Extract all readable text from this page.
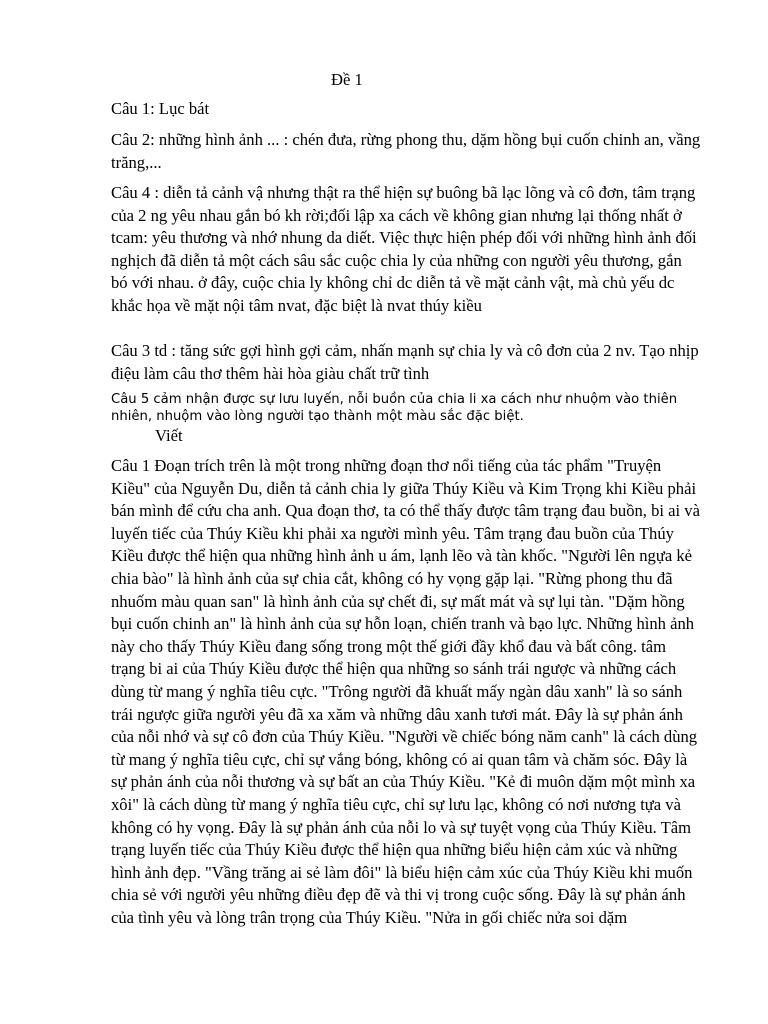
Đề 1

Câu 1: Lục bát

Câu 2: những hình ảnh ... : chén đưa, rừng phong thu, dặm hồng bụi cuốn chinh an, vầng trăng,...

Câu 4 : diễn tả cảnh vậ nhưng thật ra thể hiện sự buông bã lạc lõng và cô đơn, tâm trạng của 2 ng yêu nhau gắn bó kh rời;đối lập xa cách về không gian nhưng lại thống nhất ở tcam: yêu thương và nhớ nhung da diết. Việc thực hiện phép đối với những hình ảnh đối nghịch đã diễn tả một cách sâu sắc cuộc chia ly của những con người yêu thương, gắn bó với nhau. ở đây, cuộc chia ly không chỉ dc diễn tả về mặt cảnh vật, mà chủ yếu dc khắc họa về mặt nội tâm nvat, đặc biệt là nvat thúy kiều

Câu 3 td : tăng sức gợi hình gợi cảm, nhấn mạnh sự chia ly và cô đơn của 2 nv. Tạo nhịp điệu làm câu thơ thêm hài hòa giàu chất trữ tình

Câu 5 cảm nhận được sự lưu luyến, nỗi buồn của chia li xa cách như nhuộm vào thiên nhiên, nhuộm vào lòng người tạo thành một màu sắc đặc biệt.

Viết

Câu 1 Đoạn trích trên là một trong những đoạn thơ nổi tiếng của tác phẩm "Truyện Kiều" của Nguyễn Du, diễn tả cảnh chia ly giữa Thúy Kiều và Kim Trọng khi Kiều phải bán mình để cứu cha anh. Qua đoạn thơ, ta có thể thấy được tâm trạng đau buồn, bi ai và luyến tiếc của Thúy Kiều khi phải xa người mình yêu. Tâm trạng đau buồn của Thúy Kiều được thể hiện qua những hình ảnh u ám, lạnh lẽo và tàn khốc. "Người lên ngựa kẻ chia bào" là hình ảnh của sự chia cắt, không có hy vọng gặp lại. "Rừng phong thu đã nhuốm màu quan san" là hình ảnh của sự chết đi, sự mất mát và sự lụi tàn. "Dặm hồng bụi cuốn chinh an" là hình ảnh của sự hỗn loạn, chiến tranh và bạo lực. Những hình ảnh này cho thấy Thúy Kiều đang sống trong một thế giới đầy khổ đau và bất công. tâm trạng bi ai của Thúy Kiều được thể hiện qua những so sánh trái ngược và những cách dùng từ mang ý nghĩa tiêu cực. "Trông người đã khuất mấy ngàn dâu xanh" là so sánh trái ngược giữa người yêu đã xa xăm và những dâu xanh tươi mát. Đây là sự phản ánh của nỗi nhớ và sự cô đơn của Thúy Kiều. "Người về chiếc bóng năm canh" là cách dùng từ mang ý nghĩa tiêu cực, chỉ sự vắng bóng, không có ai quan tâm và chăm sóc. Đây là sự phản ánh của nỗi thương và sự bất an của Thúy Kiều. "Kẻ đi muôn dặm một mình xa xôi" là cách dùng từ mang ý nghĩa tiêu cực, chỉ sự lưu lạc, không có nơi nương tựa và không có hy vọng. Đây là sự phản ánh của nỗi lo và sự tuyệt vọng của Thúy Kiều. Tâm trạng luyến tiếc của Thúy Kiều được thể hiện qua những biểu hiện cảm xúc và những hình ảnh đẹp. "Vầng trăng ai sẻ làm đôi" là biểu hiện cảm xúc của Thúy Kiều khi muốn chia sẻ với người yêu những điều đẹp đẽ và thi vị trong cuộc sống. Đây là sự phản ánh của tình yêu và lòng trân trọng của Thúy Kiều. "Nửa in gối chiếc nửa soi dặm
